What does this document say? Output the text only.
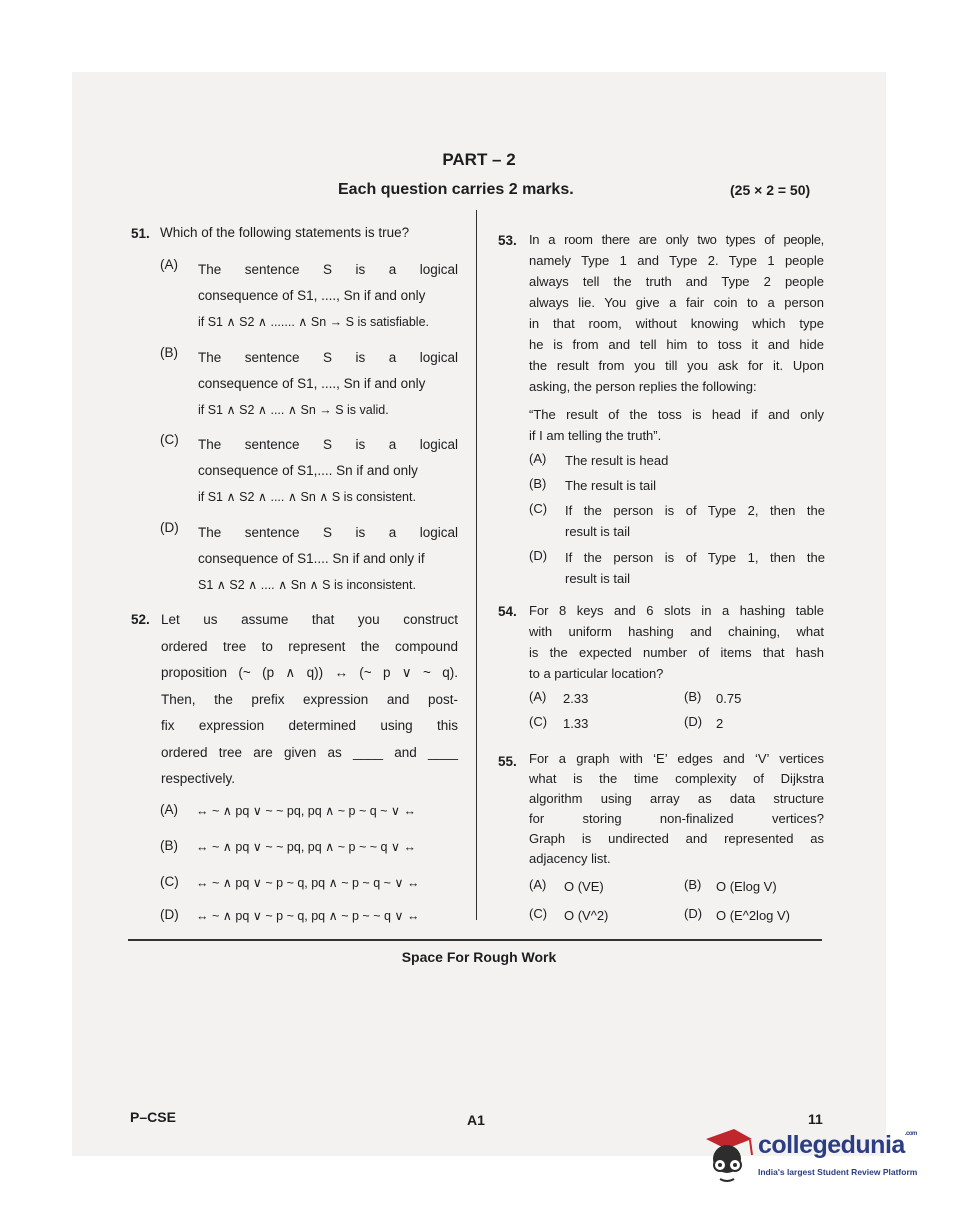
PART – 2
Each question carries 2 marks.	(25 × 2 = 50)
51. Which of the following statements is true?
(A) The sentence S is a logical
consequence of S1, ...., Sn if and only
if S1 ∧ S2 ∧ ....... ∧ Sn → S is satisfiable.
(B) The sentence S is a logical
consequence of S1, ...., Sn if and only
if S1 ∧ S2 ∧ .... ∧ Sn → S is valid.
(C) The sentence S is a logical
consequence of S1,.... Sn if and only
if S1 ∧ S2 ∧ .... ∧ Sn ∧ S is consistent.
(D) The sentence S is a logical
consequence of S1.... Sn if and only if
S1 ∧ S2 ∧ .... ∧ Sn ∧ S is inconsistent.
52. Let us assume that you construct
ordered tree to represent the compound
proposition (~ (p ∧ q)) ↔ (~ p ∨ ~ q).
Then, the prefix expression and post-
fix expression determined using this
ordered tree are given as ____ and ____
respectively.
(A) ↔ ~ ∧ pq ∨ ~ ~ pq, pq ∧ ~ p ~ q ~ ∨ ↔
(B) ↔ ~ ∧ pq ∨ ~ ~ pq, pq ∧ ~ p ~ ~ q ∨ ↔
(C) ↔ ~ ∧ pq ∨ ~ p ~ q, pq ∧ ~ p ~ q ~ ∨ ↔
(D) ↔ ~ ∧ pq ∨ ~ p ~ q, pq ∧ ~ p ~ ~ q ∨ ↔
53. In a room there are only two types of people,
namely Type 1 and Type 2. Type 1 people
always tell the truth and Type 2 people
always lie. You give a fair coin to a person
in that room, without knowing which type
he is from and tell him to toss it and hide
the result from you till you ask for it. Upon
asking, the person replies the following:
“The result of the toss is head if and only
if I am telling the truth”.
(A) The result is head
(B) The result is tail
(C) If the person is of Type 2, then the
result is tail
(D) If the person is of Type 1, then the
result is tail
54. For 8 keys and 6 slots in a hashing table
with uniform hashing and chaining, what
is the expected number of items that hash
to a particular location?
(A) 2.33	(B) 0.75
(C) 1.33	(D) 2
55. For a graph with ‘E’ edges and ‘V’ vertices
what is the time complexity of Dijkstra
algorithm using array as data structure
for storing non-finalized vertices?
Graph is undirected and represented as
adjacency list.
(A) O (VE)	(B) O (Elog V)
(C) O (V^2)	(D) O (E^2log V)
Space For Rough Work
P–CSE	A1	11
collegedunia$^{.com}$
India's largest Student Review Platform
